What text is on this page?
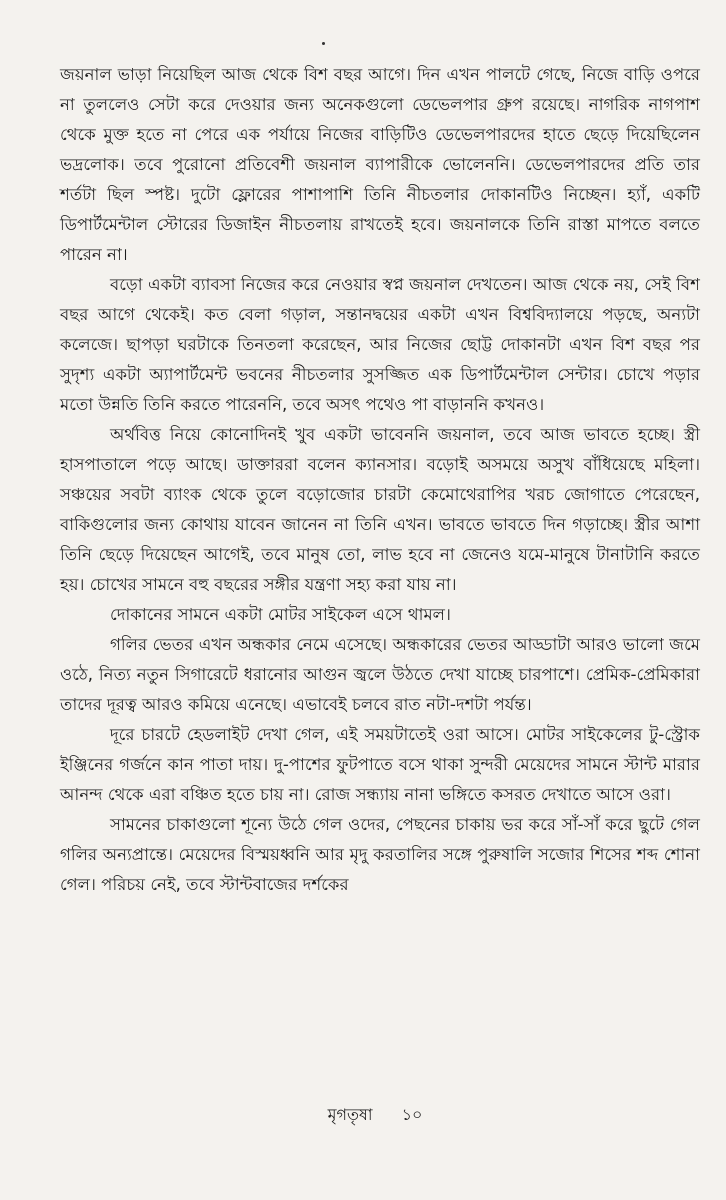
জয়নাল ভাড়া নিয়েছিল আজ থেকে বিশ বছর আগে। দিন এখন পালটে গেছে, নিজে বাড়ি ওপরে না তুললেও সেটা করে দেওয়ার জন্য অনেকগুলো ডেভেলপার গ্রুপ রয়েছে। নাগরিক নাগপাশ থেকে মুক্ত হতে না পেরে এক পর্যায়ে নিজের বাড়িটিও ডেভেলপারদের হাতে ছেড়ে দিয়েছিলেন ভদ্রলোক। তবে পুরোনো প্রতিবেশী জয়নাল ব্যাপারীকে ভোলেননি। ডেভেলপারদের প্রতি তার শর্তটা ছিল স্পষ্ট। দুটো ফ্লোরের পাশাপাশি তিনি নীচতলার দোকানটিও নিচ্ছেন। হ্যাঁ, একটি ডিপার্টমেন্টাল স্টোরের ডিজাইন নীচতলায় রাখতেই হবে। জয়নালকে তিনি রাস্তা মাপতে বলতে পারেন না।

বড়ো একটা ব্যাবসা নিজের করে নেওয়ার স্বপ্ন জয়নাল দেখতেন। আজ থেকে নয়, সেই বিশ বছর আগে থেকেই। কত বেলা গড়াল, সন্তানদ্বয়ের একটা এখন বিশ্ববিদ্যালয়ে পড়ছে, অন্যটা কলেজে। ছাপড়া ঘরটাকে তিনতলা করেছেন, আর নিজের ছোট্ট দোকানটা এখন বিশ বছর পর সুদৃশ্য একটা অ্যাপার্টমেন্ট ভবনের নীচতলার সুসজ্জিত এক ডিপার্টমেন্টাল সেন্টার। চোখে পড়ার মতো উন্নতি তিনি করতে পারেননি, তবে অসৎ পথেও পা বাড়াননি কখনও।

অর্থবিত্ত নিয়ে কোনোদিনই খুব একটা ভাবেননি জয়নাল, তবে আজ ভাবতে হচ্ছে। স্ত্রী হাসপাতালে পড়ে আছে। ডাক্তাররা বলেন ক্যানসার। বড়োই অসময়ে অসুখ বাঁধিয়েছে মহিলা। সঞ্চয়ের সবটা ব্যাংক থেকে তুলে বড়োজোর চারটা কেমোথেরাপির খরচ জোগাতে পেরেছেন, বাকিগুলোর জন্য কোথায় যাবেন জানেন না তিনি এখন। ভাবতে ভাবতে দিন গড়াচ্ছে। স্ত্রীর আশা তিনি ছেড়ে দিয়েছেন আগেই, তবে মানুষ তো, লাভ হবে না জেনেও যমে-মানুষে টানাটানি করতে হয়। চোখের সামনে বহু বছরের সঙ্গীর যন্ত্রণা সহ্য করা যায় না।

দোকানের সামনে একটা মোটর সাইকেল এসে থামল।

গলির ভেতর এখন অন্ধকার নেমে এসেছে। অন্ধকারের ভেতর আড্ডাটা আরও ভালো জমে ওঠে, নিত্য নতুন সিগারেটে ধরানোর আগুন জ্বলে উঠতে দেখা যাচ্ছে চারপাশে। প্রেমিক-প্রেমিকারা তাদের দূরত্ব আরও কমিয়ে এনেছে। এভাবেই চলবে রাত নটা-দশটা পর্যন্ত।

দূরে চারটে হেডলাইট দেখা গেল, এই সময়টাতেই ওরা আসে। মোটর সাইকেলের টু-স্ট্রোক ইঞ্জিনের গর্জনে কান পাতা দায়। দু-পাশের ফুটপাতে বসে থাকা সুন্দরী মেয়েদের সামনে স্টান্ট মারার আনন্দ থেকে এরা বঞ্চিত হতে চায় না। রোজ সন্ধ্যায় নানা ভঙ্গিতে কসরত দেখাতে আসে ওরা।

সামনের চাকাগুলো শূন্যে উঠে গেল ওদের, পেছনের চাকায় ভর করে সাঁ-সাঁ করে ছুটে গেল গলির অন্যপ্রান্তে। মেয়েদের বিস্ময়ধ্বনি আর মৃদু করতালির সঙ্গে পুরুষালি সজোর শিসের শব্দ শোনা গেল। পরিচয় নেই, তবে স্টান্টবাজের দর্শকের

মৃগতৃষা ১০
